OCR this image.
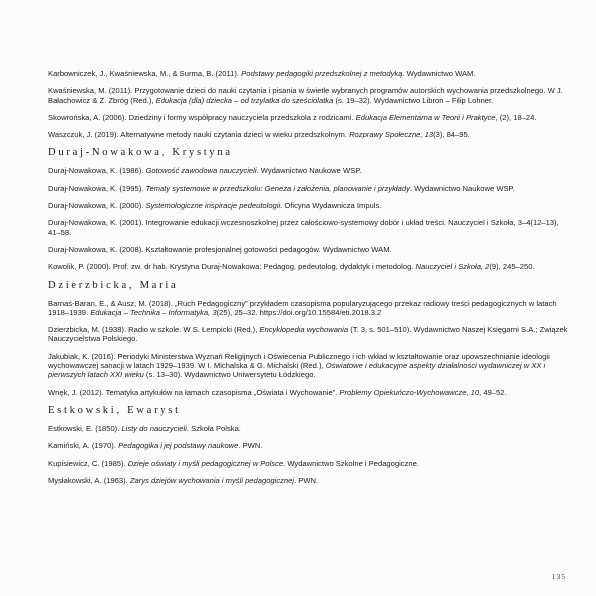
Karbowniczek, J., Kwaśniewska, M., & Surma, B. (2011). Podstawy pedagogiki przedszkolnej z metodyką. Wydawnictwo WAM.

Kwaśniewska, M. (2011). Przygotowanie dzieci do nauki czytania i pisania w świetle wybranych programów autorskich wychowania przedszkolnego. W J. Bałachowicz & Z. Zbróg (Red.), Edukacja (dla) dziecka – od trzylatka do sześciolatka (s. 19–32). Wydawnictwo Libron – Filip Lohner.

Skowrońska, A. (2006). Dziedziny i formy współpracy nauczyciela przedszkola z rodzicami. Edukacja Elementarna w Teorii i Praktyce, (2), 18–24.

Waszczuk, J. (2019). Alternatywne metody nauki czytania dzieci w wieku przedszkolnym. Rozprawy Społeczne, 13(3), 84–95.

Duraj-Nowakowa, Krystyna

Duraj-Nowakowa, K. (1986). Gotowość zawodowa nauczycieli. Wydawnictwo Naukowe WSP.

Duraj-Nowakowa, K. (1995). Tematy systemowe w przedszkolu: Geneza i założenia, planowanie i przykłady. Wydawnictwo Naukowe WSP.

Duraj-Nowakowa, K. (2000). Systemologiczne inspiracje pedeutologii. Oficyna Wydawnicza Impuls.

Duraj-Nowakowa, K. (2001). Integrowanie edukacji wczesnoszkolnej przez całościowo-systemowy dobór i układ treści. Nauczyciel i Szkoła, 3–4(12–13), 41–58.

Duraj-Nowakowa, K. (2008). Kształtowanie profesjonalnej gotowości pedagogów. Wydawnictwo WAM.

Kowolik, P. (2000). Prof. zw. dr hab. Krystyna Duraj-Nowakowa: Pedagog, pedeutolog, dydaktyk i metodolog. Nauczyciel i Szkoła, 2(9), 245–250.

Dzierzbicka, Maria

Barnaś-Baran, E., & Ausz, M. (2018). „Ruch Pedagogiczny” przykładem czasopisma popularyzującego przekaz radiowy treści pedagogicznych w latach 1918–1939. Edukacja – Technika – Informatyka, 3(25), 25–32. https://doi.org/10.15584/eti.2018.3.2

Dzierzbicka, M. (1938). Radio w szkole. W S. Łempicki (Red.), Encyklopedia wychowania (T. 3, s. 501–510). Wydawnictwo Naszej Księgarni S.A.; Związek Nauczycielstwa Polskiego.

Jakubiak, K. (2016). Periodyki Ministerstwa Wyznań Religijnych i Oświecenia Publicznego i ich wkład w kształtowanie oraz upowszechnianie ideologii wychowawczej sanacji w latach 1929–1939. W I. Michalska & G. Michalski (Red.), Oświatowe i edukacyjne aspekty działalności wydawniczej w XX i pierwszych latach XXI wieku (s. 13–30). Wydawnictwo Uniwersytetu Łódzkiego.

Wnęk, J. (2012). Tematyka artykułów na łamach czasopisma „Oświata i Wychowanie”. Problemy Opiekuńczo-Wychowawcze, 10, 49–52.

Estkowski, Ewaryst

Estkowski, E. (1850). Listy do nauczycieli. Szkoła Polska.

Kamiński, A. (1970). Pedagogika i jej podstawy naukowe. PWN.

Kupisiewicz, C. (1985). Dzieje oświaty i myśli pedagogicznej w Polsce. Wydawnictwo Szkolne i Pedagogiczne.

Mysłakowski, A. (1963). Zarys dziejów wychowania i myśli pedagogicznej. PWN.

135
